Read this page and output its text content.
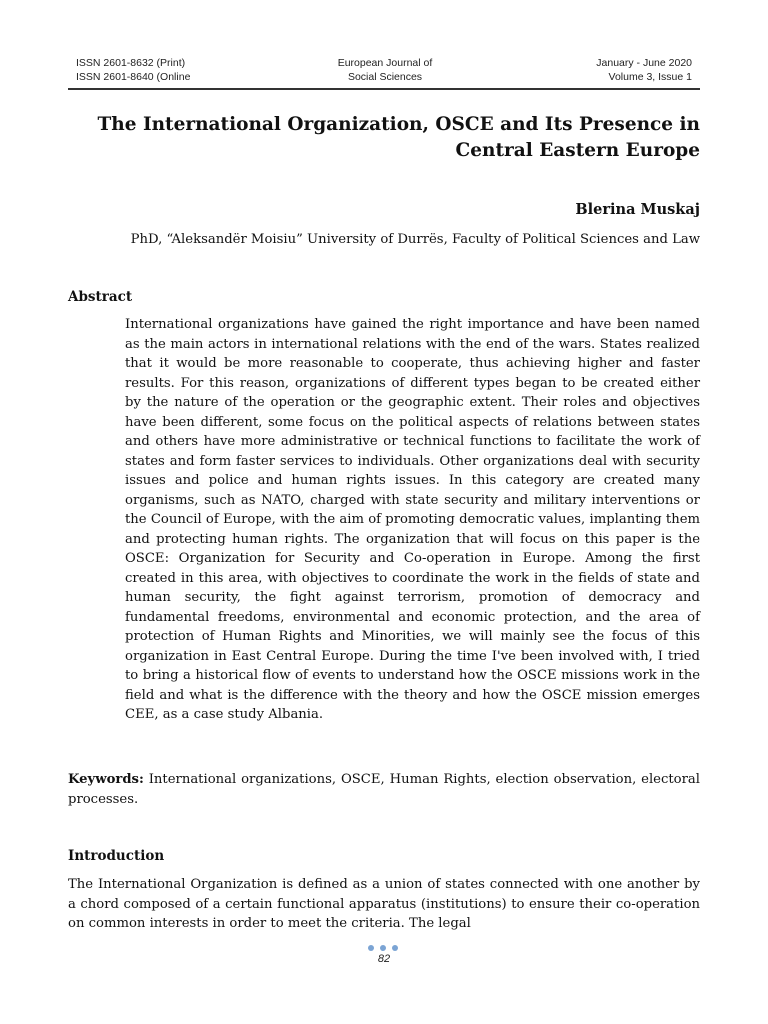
ISSN 2601-8632 (Print)
ISSN 2601-8640 (Online
European Journal of
Social Sciences
January - June 2020
Volume 3, Issue 1
The International Organization, OSCE and Its Presence in
Central Eastern Europe
Blerina Muskaj
PhD, “Aleksandër Moisiu” University of Durrës, Faculty of Political Sciences and Law
Abstract
International organizations have gained the right importance and have been named as the main actors in international relations with the end of the wars. States realized that it would be more reasonable to cooperate, thus achieving higher and faster results. For this reason, organizations of different types began to be created either by the nature of the operation or the geographic extent. Their roles and objectives have been different, some focus on the political aspects of relations between states and others have more administrative or technical functions to facilitate the work of states and form faster services to individuals. Other organizations deal with security issues and police and human rights issues. In this category are created many organisms, such as NATO, charged with state security and military interventions or the Council of Europe, with the aim of promoting democratic values, implanting them and protecting human rights. The organization that will focus on this paper is the OSCE: Organization for Security and Co-operation in Europe. Among the first created in this area, with objectives to coordinate the work in the fields of state and human security, the fight against terrorism, promotion of democracy and fundamental freedoms, environmental and economic protection, and the area of protection of Human Rights and Minorities, we will mainly see the focus of this organization in East Central Europe. During the time I've been involved with, I tried to bring a historical flow of events to understand how the OSCE missions work in the field and what is the difference with the theory and how the OSCE mission emerges CEE, as a case study Albania.
Keywords: International organizations, OSCE, Human Rights, election observation, electoral processes.
Introduction
The International Organization is defined as a union of states connected with one another by a chord composed of a certain functional apparatus (institutions) to ensure their co-operation on common interests in order to meet the criteria. The legal
82
